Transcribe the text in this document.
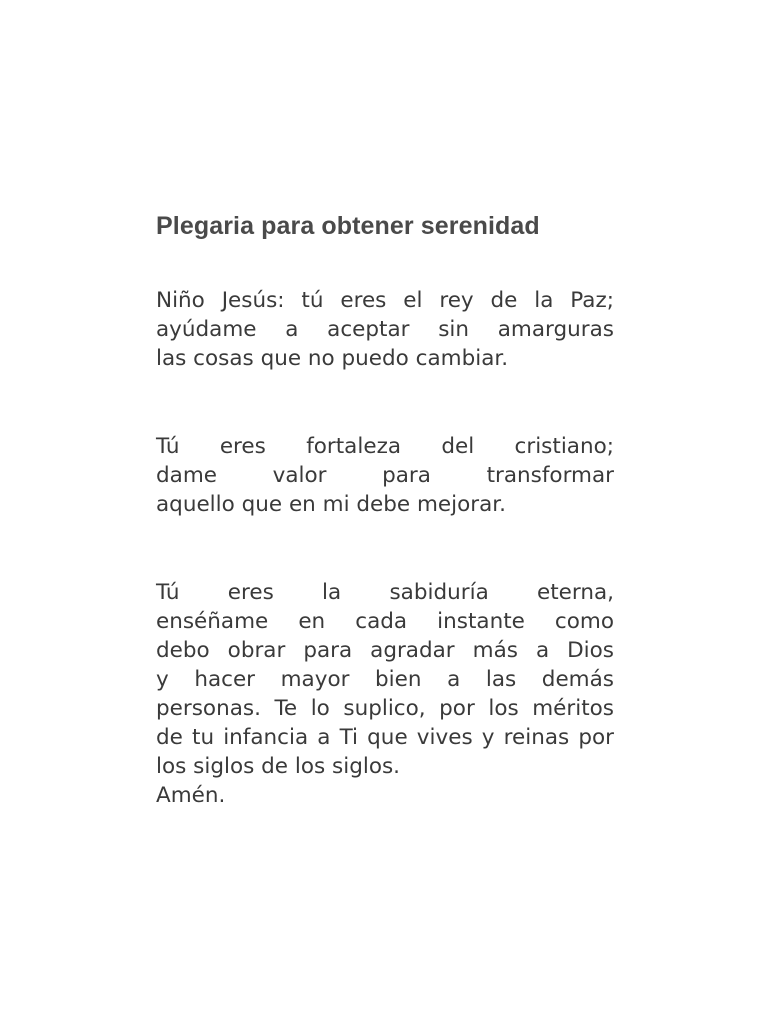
Plegaria para obtener serenidad

Niño Jesús: tú eres el rey de la Paz;
ayúdame a aceptar sin amarguras
las cosas que no puedo cambiar.

Tú eres fortaleza del cristiano;
dame valor para transformar
aquello que en mi debe mejorar.

Tú eres la sabiduría eterna,
enséñame en cada instante como
debo obrar para agradar más a Dios
y hacer mayor bien a las demás
personas. Te lo suplico, por los méritos
de tu infancia a Ti que vives y reinas por
los siglos de los siglos.

Amén.
